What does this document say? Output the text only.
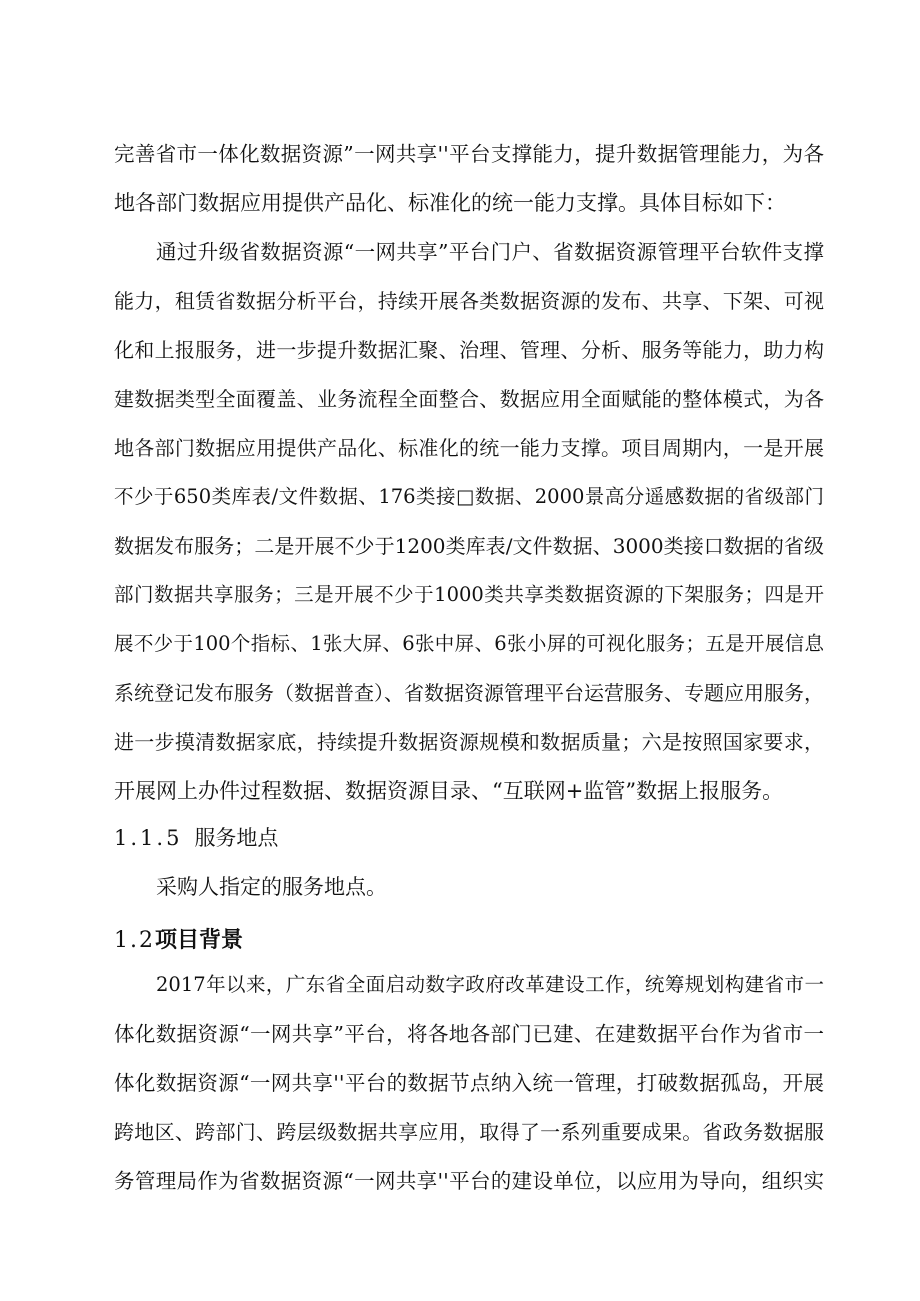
完善省市一体化数据资源”一网共享''平台支撑能力，提升数据管理能力，为各
地各部门数据应用提供产品化、标准化的统一能力支撑。具体目标如下：
通过升级省数据资源“一网共享”平台门户、省数据资源管理平台软件支撑
能力，租赁省数据分析平台，持续开展各类数据资源的发布、共享、下架、可视
化和上报服务，进一步提升数据汇聚、治理、管理、分析、服务等能力，助力构
建数据类型全面覆盖、业务流程全面整合、数据应用全面赋能的整体模式，为各
地各部门数据应用提供产品化、标准化的统一能力支撑。项目周期内，一是开展
不少于650类库表/文件数据、176类接□数据、2000景高分遥感数据的省级部门
数据发布服务；二是开展不少于1200类库表/文件数据、3000类接口数据的省级
部门数据共享服务；三是开展不少于1000类共享类数据资源的下架服务；四是开
展不少于100个指标、1张大屏、6张中屏、6张小屏的可视化服务；五是开展信息
系统登记发布服务（数据普查）、省数据资源管理平台运营服务、专题应用服务，
进一步摸清数据家底，持续提升数据资源规模和数据质量；六是按照国家要求，
开展网上办件过程数据、数据资源目录、“互联网+监管”数据上报服务。
1.1.5 服务地点
采购人指定的服务地点。
1.2项目背景
2017年以来，广东省全面启动数字政府改革建设工作，统筹规划构建省市一
体化数据资源“一网共享”平台，将各地各部门已建、在建数据平台作为省市一
体化数据资源“一网共享''平台的数据节点纳入统一管理，打破数据孤岛，开展
跨地区、跨部门、跨层级数据共享应用，取得了一系列重要成果。省政务数据服
务管理局作为省数据资源“一网共享''平台的建设单位，以应用为导向，组织实
